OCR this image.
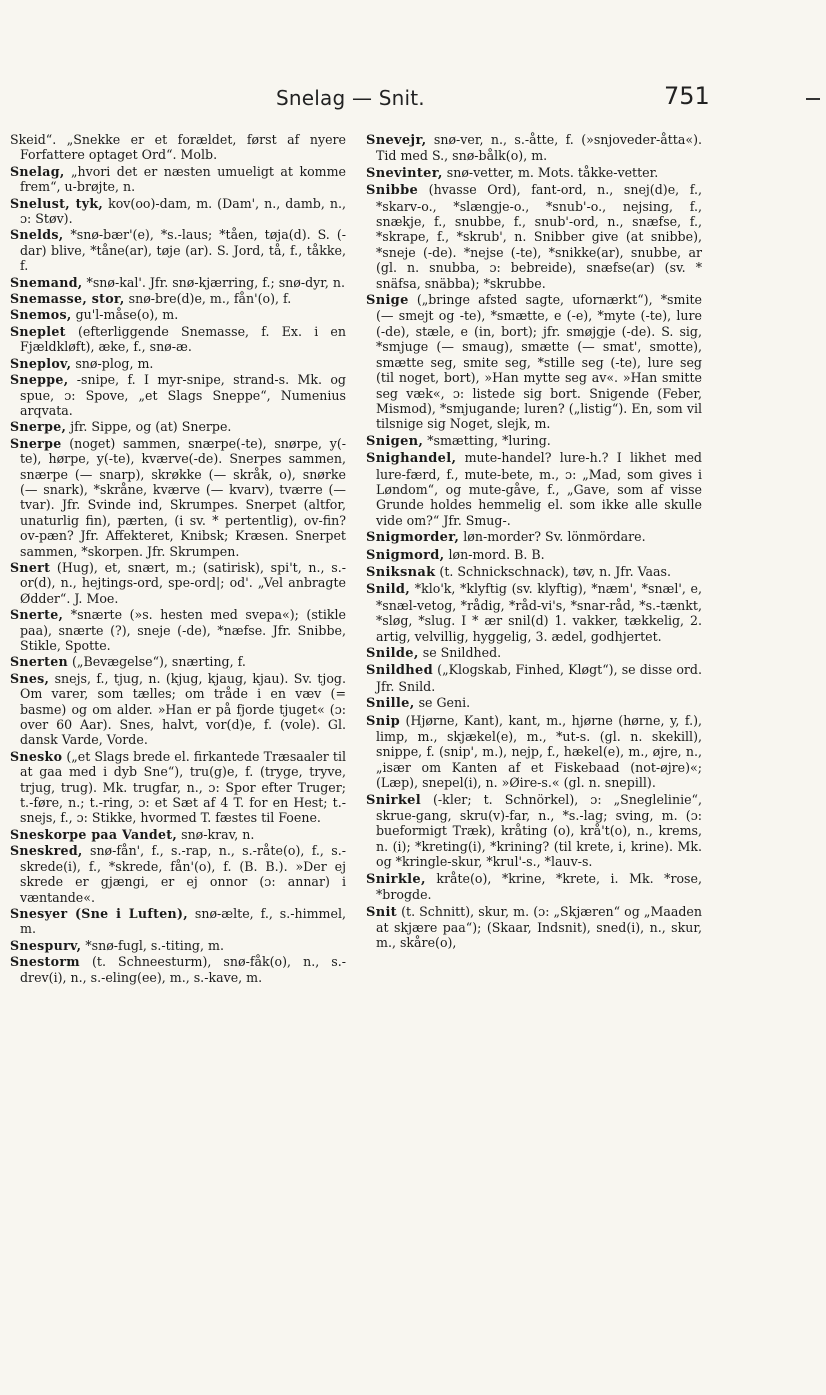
Snelag — Snit.	751

Skeid“. „Snekke er et forældet, først af nyere Forfattere optaget Ord“. Molb.

Snelag, „hvori det er næsten umueligt at komme frem“, u-brøjte, n.

Snelust, tyk, kov(oo)-dam, m. (Dam', n., damb, n., ɔ: Støv).

Snelds, *snø-bær'(e), *s.-laus; *tåen, tøja(d). S. (-dar) blive, *tåne(ar), tøje (ar). S. Jord, tå, f., tåkke, f.

Snemand, *snø-kal'. Jfr. snø-kjærring, f.; snø-dyr, n.

Snemasse, stor, snø-bre(d)e, m., fån'(o), f.

Snemos, gu'l-måse(o), m.

Sneplet (efterliggende Snemasse, f. Ex. i en Fjældkløft), æke, f., snø-æ.

Sneplov, snø-plog, m.

Sneppe, -snipe, f. I myr-snipe, strand-s. Mk. og spue, ɔ: Spove, „et Slags Sneppe“, Numenius arqvata.

Snerpe, jfr. Sippe, og (at) Snerpe.

Snerpe (noget) sammen, snærpe(-te), snørpe, y(-te), hørpe, y(-te), kværve(-de). Snerpes sammen, snærpe (— snarp), skrøkke (— skråk, o), snørke (— snark), *skråne, kværve (— kvarv), tværre (— tvar). Jfr. Svinde ind, Skrumpes. Snerpet (altfor, unaturlig fin), pærten, (i sv. * pertentlig), ov-fin? ov-pæn? Jfr. Affekteret, Knibsk; Kræsen. Snerpet sammen, *skorpen. Jfr. Skrumpen.

Snert (Hug), et, snært, m.; (satirisk), spi't, n., s.-or(d), n., hejtings-ord, spe-ord|; od'. „Vel anbragte Ødder“. J. Moe.

Snerte, *snærte (»s. hesten med svepa«); (stikle paa), snærte (?), sneje (-de), *næfse. Jfr. Snibbe, Stikle, Spotte.

Snerten („Bevægelse“), snærting, f.

Snes, snejs, f., tjug, n. (kjug, kjaug, kjau). Sv. tjog. Om varer, som tælles; om tråde i en væv (= basme) og om alder. »Han er på fjorde tjuget« (ɔ: over 60 Aar). Snes, halvt, vor(d)e, f. (vole). Gl. dansk Varde, Vorde.

Snesko („et Slags brede el. firkantede Træsaaler til at gaa med i dyb Sne“), tru(g)e, f. (tryge, tryve, trjug, trug). Mk. trugfar, n., ɔ: Spor efter Truger; t.-føre, n.; t.-ring, ɔ: et Sæt af 4 T. for en Hest; t.-snejs, f., ɔ: Stikke, hvormed T. fæstes til Foene.

Sneskorpe paa Vandet, snø-krav, n.

Sneskred, snø-fån', f., s.-rap, n., s.-råte(o), f., s.-skrede(i), f., *skrede, fån'(o), f. (B. B.). »Der ej skrede er gjængi, er ej onnor (ɔ: annar) i væntande«.

Snesyer (Sne i Luften), snø-ælte, f., s.-himmel, m.

Snespurv, *snø-fugl, s.-titing, m.

Snestorm (t. Schneesturm), snø-fåk(o), n., s.-drev(i), n., s.-eling(ee), m., s.-kave, m.

Snevejr, snø-ver, n., s.-åtte, f. (»snjoveder-åtta«). Tid med S., snø-bålk(o), m.

Snevinter, snø-vetter, m. Mots. tåkke-vetter.

Snibbe (hvasse Ord), fant-ord, n., snej(d)e, f., *skarv-o., *slængje-o., *snub'-o., nejsing, f., snækje, f., snubbe, f., snub'-ord, n., snæfse, f., *skrape, f., *skrub', n. Snibber give (at snibbe), *sneje (-de). *nejse (-te), *snikke(ar), snubbe, ar (gl. n. snubba, ɔ: bebreide), snæfse(ar) (sv. * snäfsa, snäbba); *skrubbe.

Snige („bringe afsted sagte, ufornærkt“), *smite (— smejt og -te), *smætte, e (-e), *myte (-te), lure (-de), stæle, e (in, bort); jfr. smøjgje (-de). S. sig, *smjuge (— smaug), smætte (— smat', smotte), smætte seg, smite seg, *stille seg (-te), lure seg (til noget, bort), »Han mytte seg av«. »Han smitte seg væk«, ɔ: listede sig bort. Snigende (Feber, Mismod), *smjugande; luren? („listig“). En, som vil tilsnige sig Noget, slejk, m.

Snigen, *smætting, *luring.

Snighandel, mute-handel? lure-h.? I likhet med lure-færd, f., mute-bete, m., ɔ: „Mad, som gives i Løndom“, og mute-gåve, f., „Gave, som af visse Grunde holdes hemmelig el. som ikke alle skulle vide om?“ Jfr. Smug-.

Snigmorder, løn-morder? Sv. lönmördare.

Snigmord, løn-mord. B. B.

Sniksnak (t. Schnickschnack), tøv, n. Jfr. Vaas.

Snild, *klo'k, *klyftig (sv. klyftig), *næm', *snæl', e, *snæl-vetog, *rådig, *råd-vi's, *snar-råd, *s.-tænkt, *sløg, *slug. I * ær snil(d) 1. vakker, tækkelig, 2. artig, velvillig, hyggelig, 3. ædel, godhjertet.

Snilde, se Snildhed.

Snildhed („Klogskab, Finhed, Kløgt“), se disse ord. Jfr. Snild.

Snille, se Geni.

Snip (Hjørne, Kant), kant, m., hjørne (hørne, y, f.), limp, m., skjækel(e), m., *ut-s. (gl. n. skekill), snippe, f. (snip', m.), nejp, f., hækel(e), m., øjre, n., „især om Kanten af et Fiskebaad (not-øjre)«; (Læp), snepel(i), n. »Øire-s.« (gl. n. snepill).

Snirkel (-kler; t. Schnörkel), ɔ: „Sneglelinie“, skrue-gang, skru(v)-far, n., *s.-lag; sving, m. (ɔ: bueformigt Træk), kråting (o), krå't(o), n., krems, n. (i); *kreting(i), *krining? (til krete, i, krine). Mk. og *kringle-skur, *krul'-s., *lauv-s.

Snirkle, kråte(o), *krine, *krete, i. Mk. *rose, *brogde.

Snit (t. Schnitt), skur, m. (ɔ: „Skjæren“ og „Maaden at skjære paa“); (Skaar, Indsnit), sned(i), n., skur, m., skåre(o),
